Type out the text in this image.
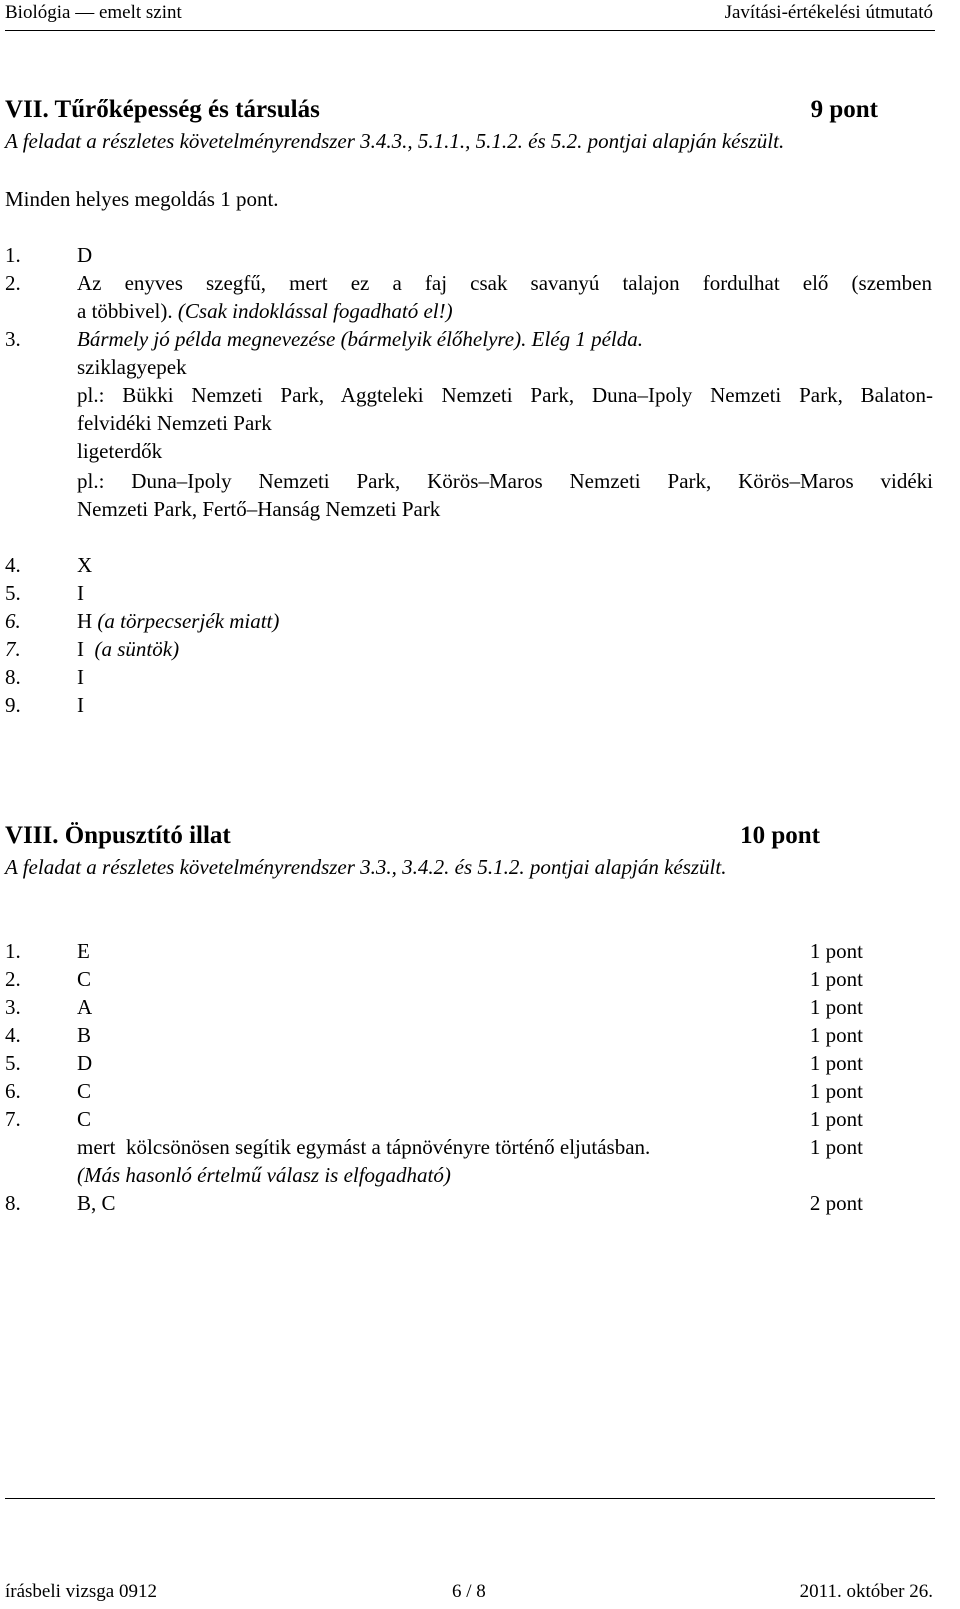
Biológia — emelt szint	Javítási-értékelési útmutató
VII. Tűrőképesség és társulás	9 pont
A feladat a részletes követelményrendszer 3.4.3., 5.1.1., 5.1.2. és 5.2. pontjai alapján készült.
Minden helyes megoldás 1 pont.
1.	D
2.	Az enyves szegfű, mert ez a faj csak savanyú talajon fordulhat elő (szemben
a többivel). (Csak indoklással fogadható el!)
3.	Bármely jó példa megnevezése (bármelyik élőhelyre). Elég 1 példa.
sziklagyepek
pl.: Bükki Nemzeti Park, Aggteleki Nemzeti Park, Duna–Ipoly Nemzeti Park, Balaton-
felvidéki Nemzeti Park
ligeterdők
pl.: Duna–Ipoly Nemzeti Park, Körös–Maros Nemzeti Park, Körös–Maros vidéki
Nemzeti Park, Fertő–Hanság Nemzeti Park
4.	X
5.	I
6.	H (a törpecserjék miatt)
7.	I  (a süntök)
8.	I
9.	I
VIII. Önpusztító illat	10 pont
A feladat a részletes követelményrendszer 3.3., 3.4.2. és 5.1.2. pontjai alapján készült.
1.	E	1 pont
2.	C	1 pont
3.	A	1 pont
4.	B	1 pont
5.	D	1 pont
6.	C	1 pont
7.	C	1 pont
mert  kölcsönösen segítik egymást a tápnövényre történő eljutásban.	1 pont
(Más hasonló értelmű válasz is elfogadható)
8.	B, C	2 pont
írásbeli vizsga 0912	6 / 8	2011. október 26.
